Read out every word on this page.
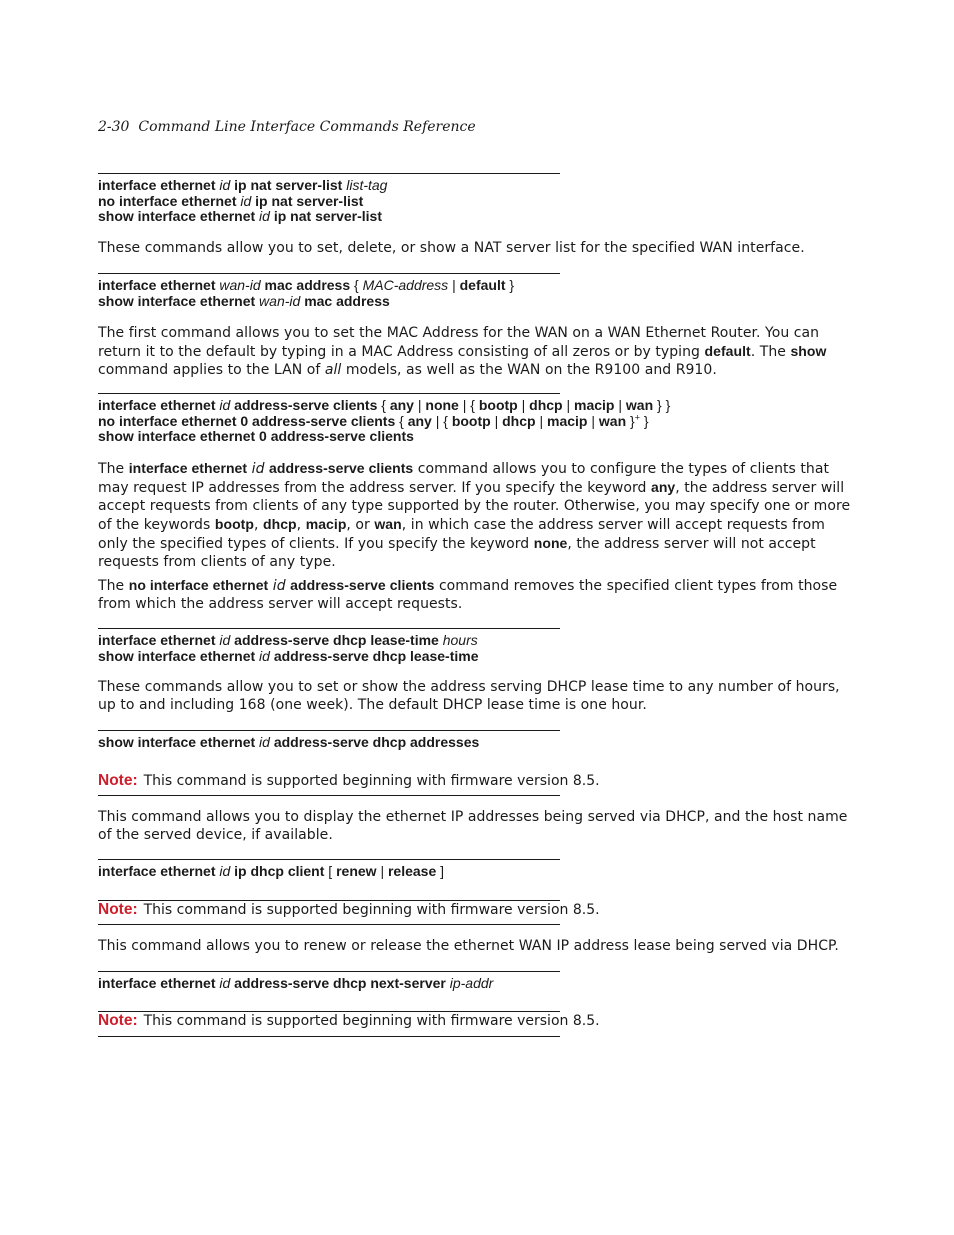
2-30 Command Line Interface Commands Reference
interface ethernet id ip nat server-list list-tag
no interface ethernet id ip nat server-list
show interface ethernet id ip nat server-list
These commands allow you to set, delete, or show a NAT server list for the specified WAN interface.
interface ethernet wan-id mac address { MAC-address | default }
show interface ethernet wan-id mac address
The first command allows you to set the MAC Address for the WAN on a WAN Ethernet Router. You can return it to the default by typing in a MAC Address consisting of all zeros or by typing default. The show command applies to the LAN of all models, as well as the WAN on the R9100 and R910.
interface ethernet id address-serve clients { any | none | { bootp | dhcp | macip | wan } }
no interface ethernet 0 address-serve clients { any | { bootp | dhcp | macip | wan }+ }
show interface ethernet 0 address-serve clients
The interface ethernet id address-serve clients command allows you to configure the types of clients that may request IP addresses from the address server. If you specify the keyword any, the address server will accept requests from clients of any type supported by the router. Otherwise, you may specify one or more of the keywords bootp, dhcp, macip, or wan, in which case the address server will accept requests from only the specified types of clients. If you specify the keyword none, the address server will not accept requests from clients of any type.
The no interface ethernet id address-serve clients command removes the specified client types from those from which the address server will accept requests.
interface ethernet id address-serve dhcp lease-time hours
show interface ethernet id address-serve dhcp lease-time
These commands allow you to set or show the address serving DHCP lease time to any number of hours, up to and including 168 (one week). The default DHCP lease time is one hour.
show interface ethernet id address-serve dhcp addresses
Note: This command is supported beginning with firmware version 8.5.
This command allows you to display the ethernet IP addresses being served via DHCP, and the host name of the served device, if available.
interface ethernet id ip dhcp client [ renew | release ]
Note: This command is supported beginning with firmware version 8.5.
This command allows you to renew or release the ethernet WAN IP address lease being served via DHCP.
interface ethernet id address-serve dhcp next-server ip-addr
Note: This command is supported beginning with firmware version 8.5.
